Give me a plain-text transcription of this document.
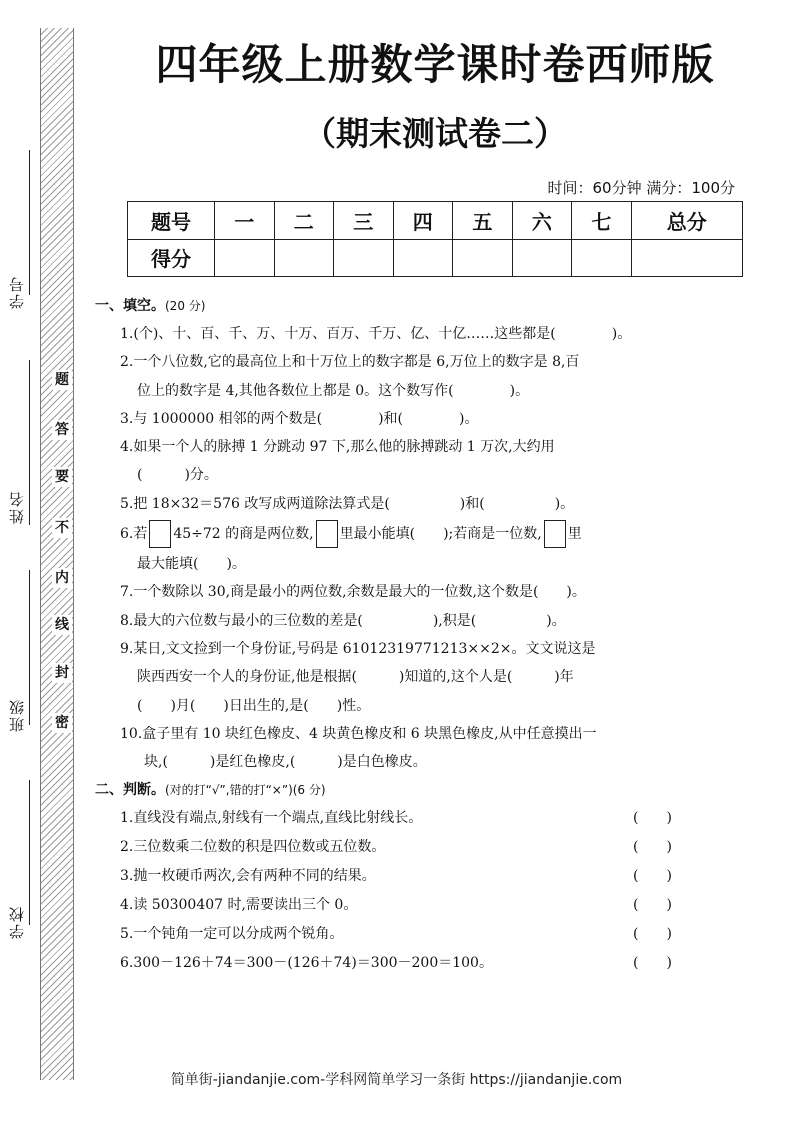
学号
姓名
班级
学校
题
答
要
不
内
线
封
密
四年级上册数学课时卷西师版
（期末测试卷二）
时间：60分钟 满分：100分
题号	一	二	三	四	五	六	七	总分
得分								
一、填空。(20 分)
1.(个)、十、百、千、万、十万、百万、千万、亿、十亿……这些都是(　　　　)。
2.一个八位数,它的最高位上和十万位上的数字都是 6,万位上的数字是 8,百
位上的数字是 4,其他各数位上都是 0。这个数写作(　　　　)。
3.与 1000000 相邻的两个数是(　　　　)和(　　　　)。
4.如果一个人的脉搏 1 分跳动 97 下,那么他的脉搏跳动 1 万次,大约用
(　　　)分。
5.把 18×32＝576 改写成两道除法算式是(　　　　　)和(　　　　　)。
6.若 45÷72 的商是两位数, 里最小能填(　　);若商是一位数, 里
最大能填(　　)。
7.一个数除以 30,商是最小的两位数,余数是最大的一位数,这个数是(　　)。
8.最大的六位数与最小的三位数的差是(　　　　　),积是(　　　　　)。
9.某日,文文捡到一个身份证,号码是 61012319771213××2×。文文说这是
陕西西安一个人的身份证,他是根据(　　　)知道的,这个人是(　　　)年
(　　)月(　　)日出生的,是(　　)性。
10.盒子里有 10 块红色橡皮、4 块黄色橡皮和 6 块黑色橡皮,从中任意摸出一
块,(　　　)是红色橡皮,(　　　)是白色橡皮。
二、判断。(对的打“√”,错的打“×”)(6 分)
1.直线没有端点,射线有一个端点,直线比射线长。	(　　)
2.三位数乘二位数的积是四位数或五位数。	(　　)
3.抛一枚硬币两次,会有两种不同的结果。	(　　)
4.读 50300407 时,需要读出三个 0。	(　　)
5.一个钝角一定可以分成两个锐角。	(　　)
6.300－126＋74＝300－(126＋74)＝300－200＝100。	(　　)
简单街-jiandanjie.com-学科网简单学习一条街 https://jiandanjie.com
